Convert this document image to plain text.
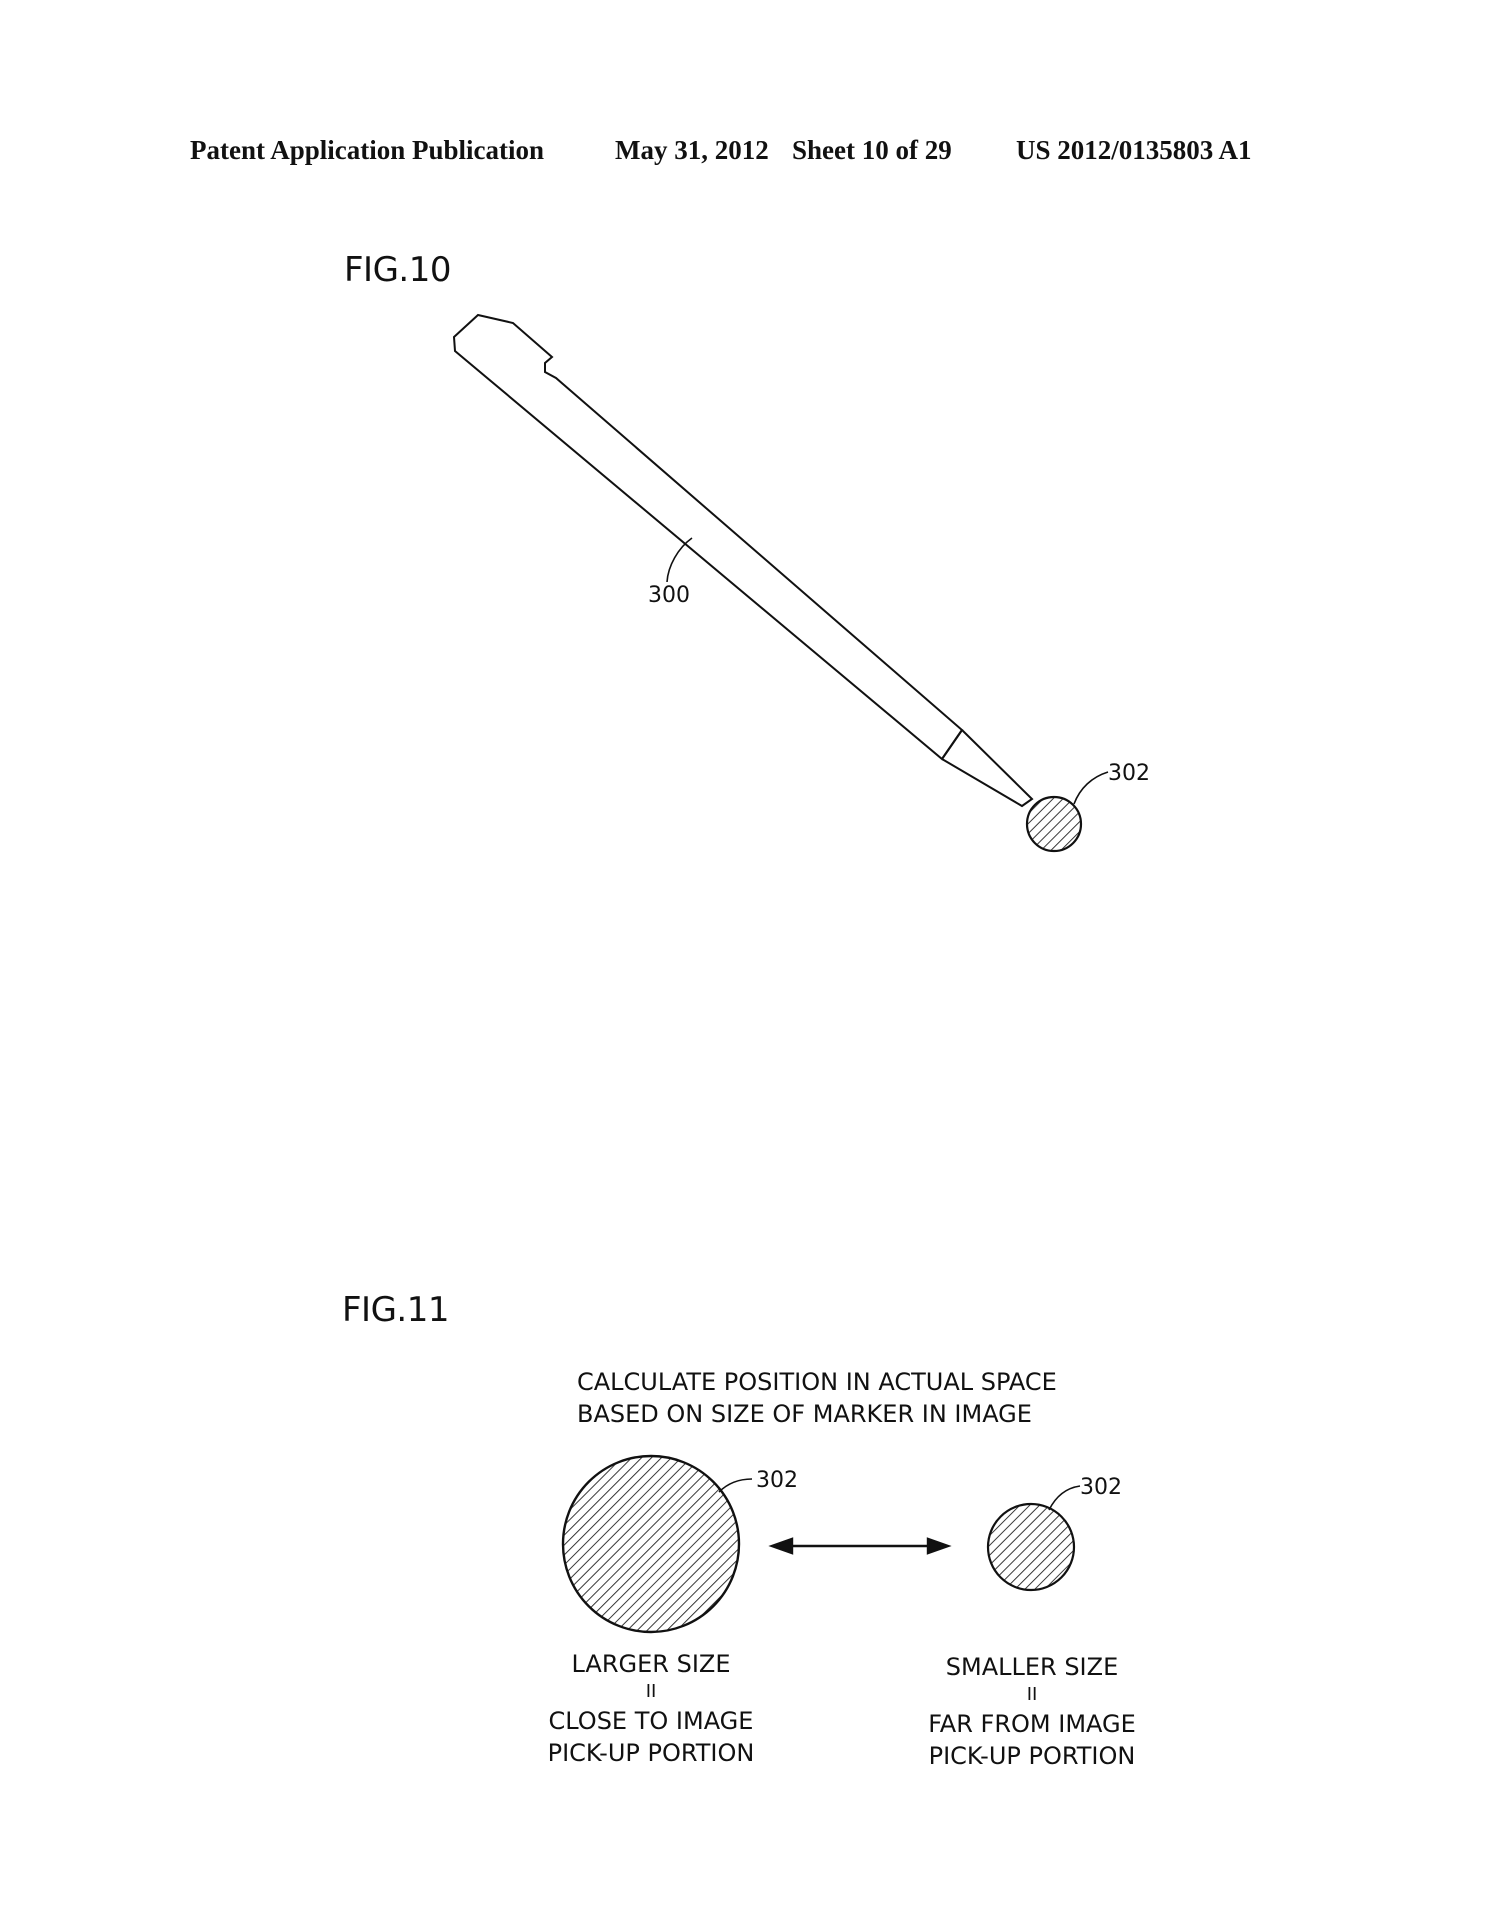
Patent Application Publication	May 31, 2012 Sheet 10 of 29 US 2012/0135803 A1
FIG.10
300
302
302	302
FIG.11
CALCULATE POSITION IN ACTUAL SPACE
BASED ON SIZE OF MARKER IN IMAGE
LARGER SIZE
II
CLOSE TO IMAGE
PICK-UP PORTION
SMALLER SIZE
II
FAR FROM IMAGE
PICK-UP PORTION
